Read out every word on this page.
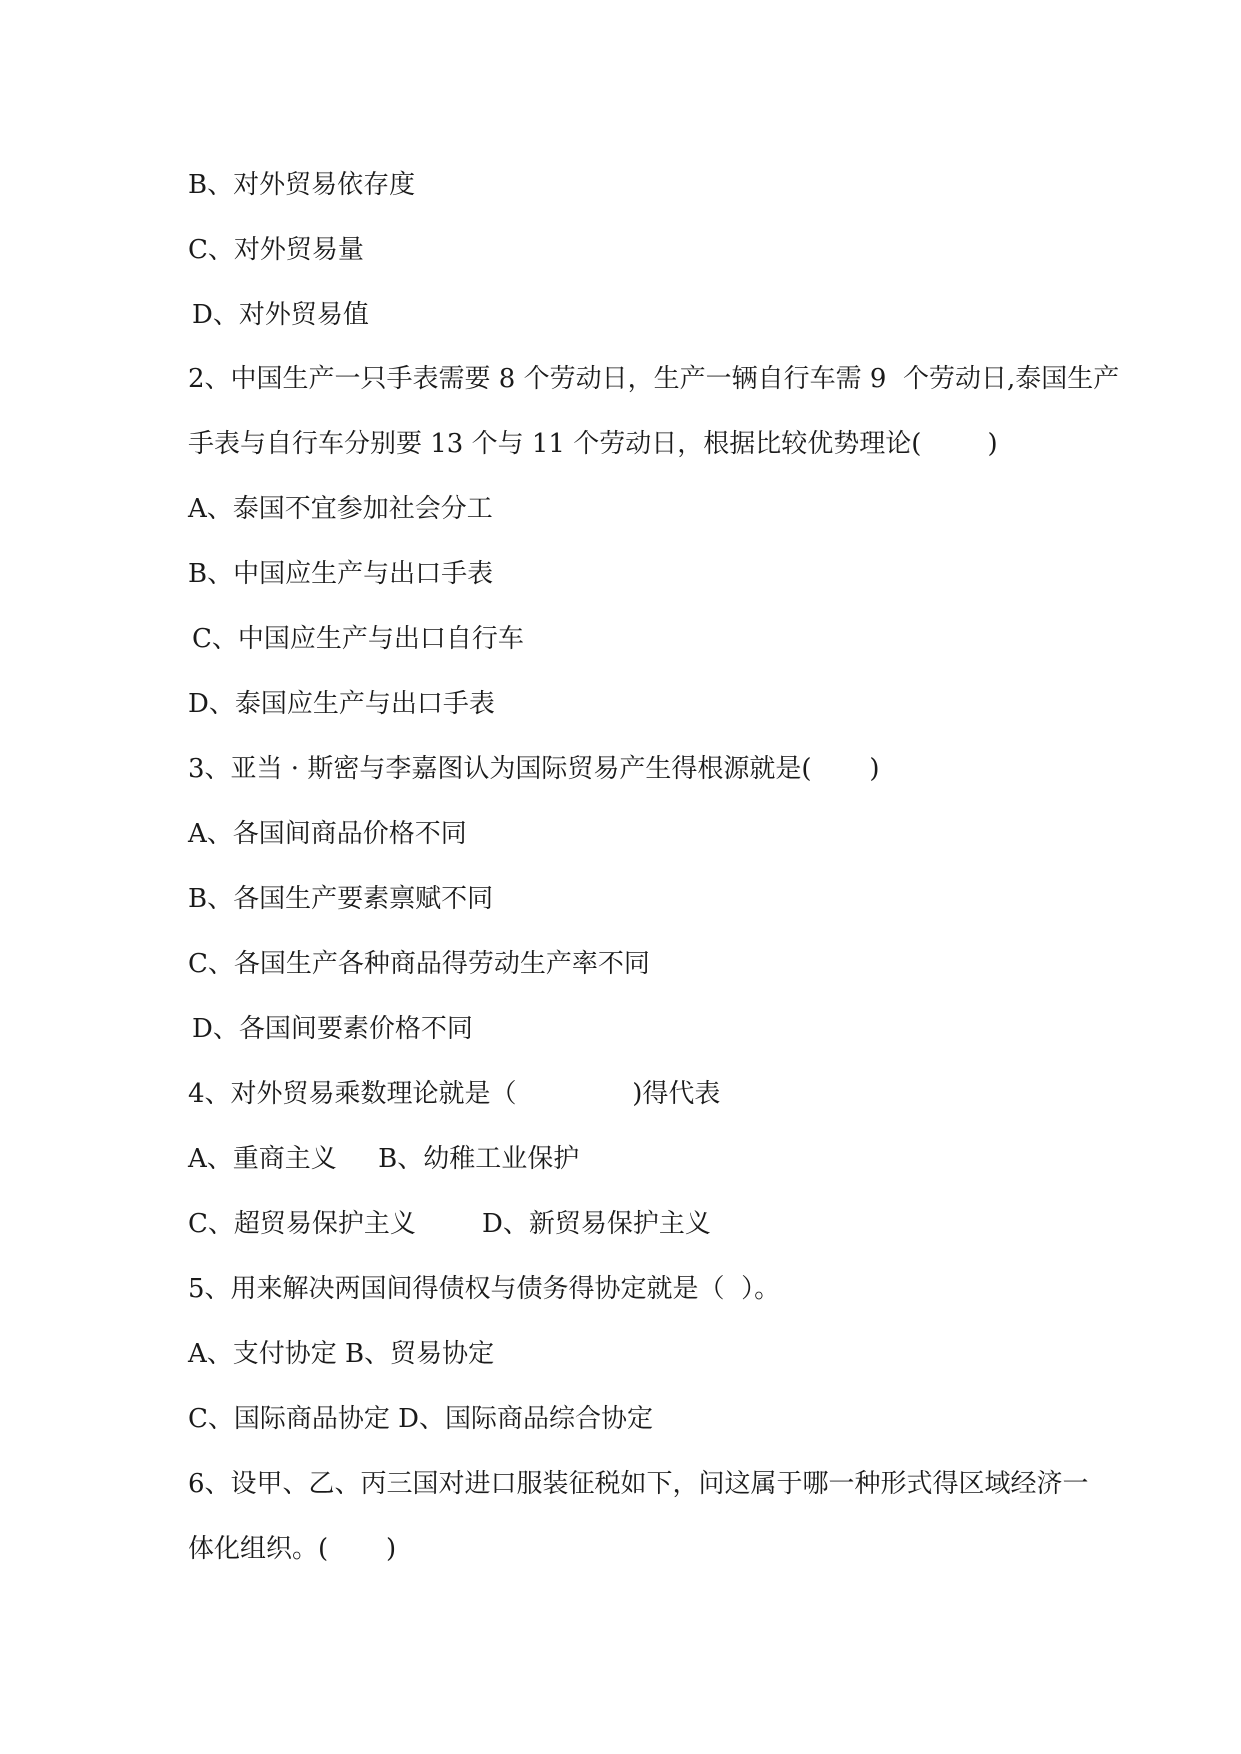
B、对外贸易依存度
C、对外贸易量
D、对外贸易值
2、中国生产一只手表需要 8 个劳动日，生产一辆自行车需 9  个劳动日,泰国生产
手表与自行车分别要 13 个与 11 个劳动日，根据比较优势理论(        )
A、泰国不宜参加社会分工
B、中国应生产与出口手表
C、中国应生产与出口自行车
D、泰国应生产与出口手表
3、亚当 · 斯密与李嘉图认为国际贸易产生得根源就是(       )
A、各国间商品价格不同
B、各国生产要素禀赋不同
C、各国生产各种商品得劳动生产率不同
D、各国间要素价格不同
4、对外贸易乘数理论就是（              )得代表
A、重商主义     B、幼稚工业保护
C、超贸易保护主义        D、新贸易保护主义
5、用来解决两国间得债权与债务得协定就是（  ）。
A、支付协定 B、贸易协定
C、国际商品协定 D、国际商品综合协定
6、设甲、乙、丙三国对进口服装征税如下，问这属于哪一种形式得区域经济一
体化组织。(       )
